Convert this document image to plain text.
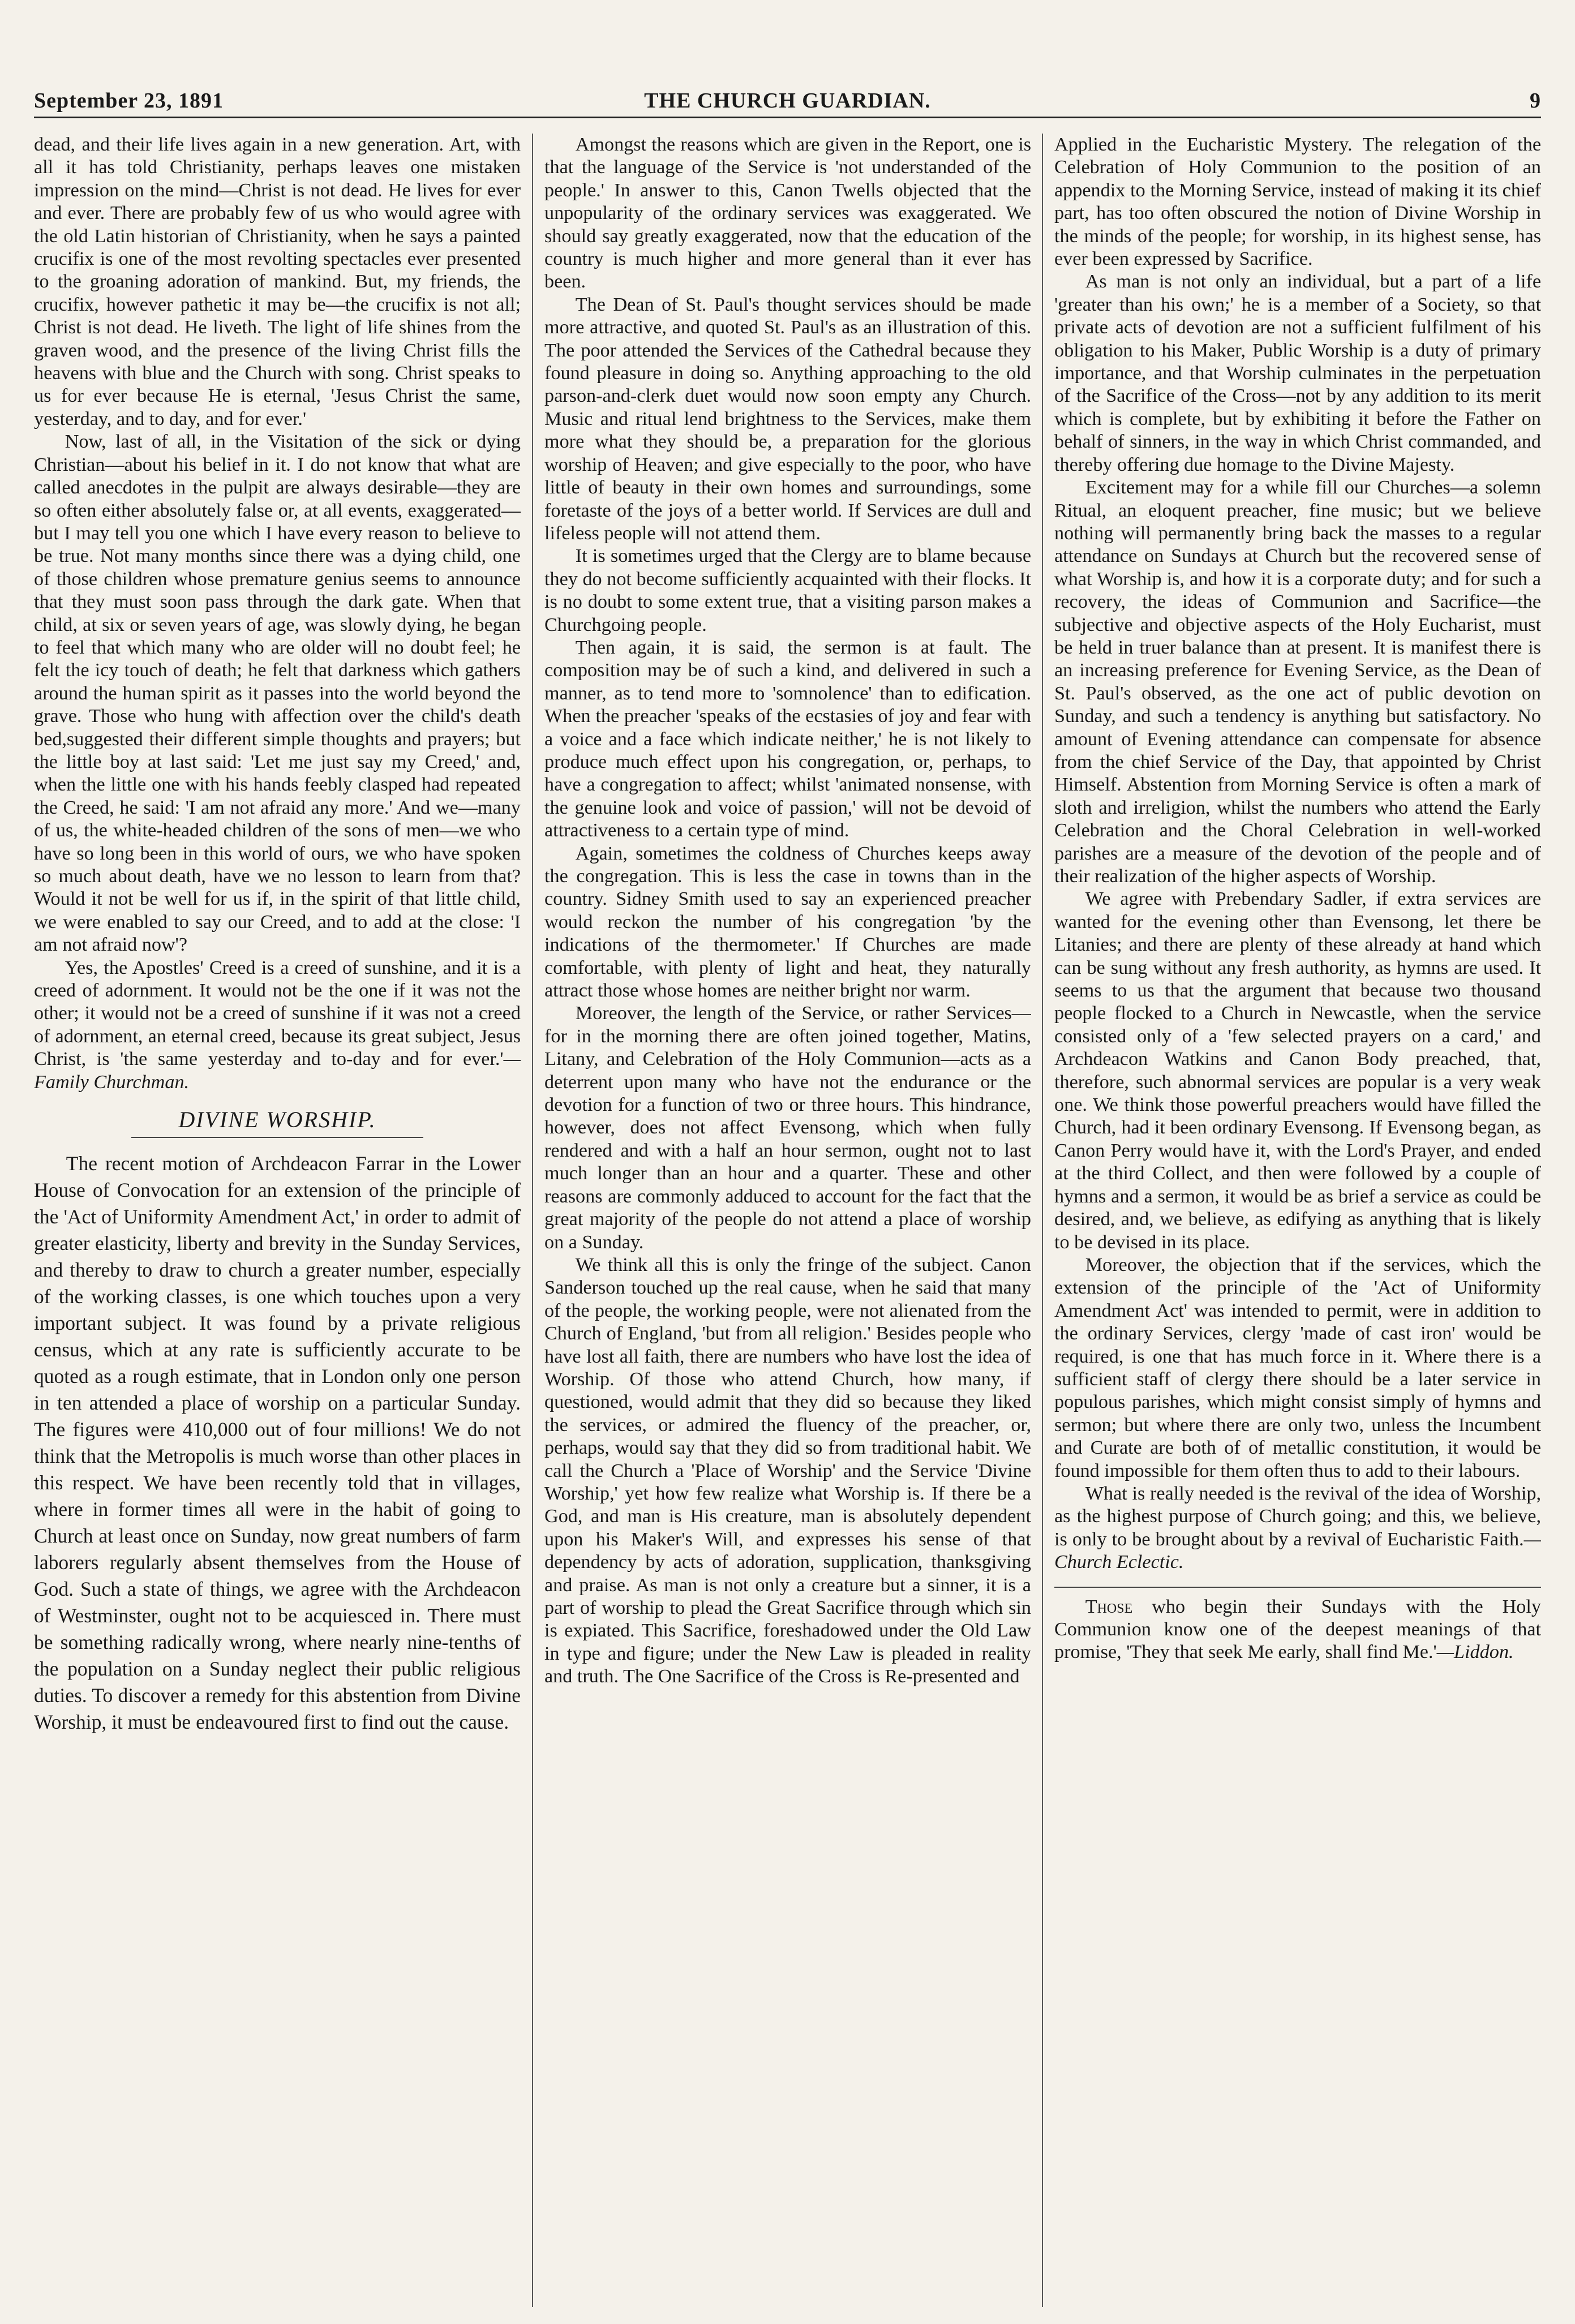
September 23, 1891	THE CHURCH GUARDIAN.	9

dead, and their life lives again in a new generation. Art, with all it has told Christianity, perhaps leaves one mistaken impression on the mind—Christ is not dead. He lives for ever and ever. There are probably few of us who would agree with the old Latin historian of Christianity, when he says a painted crucifix is one of the most revolting spectacles ever presented to the groaning adoration of mankind. But, my friends, the crucifix, however pathetic it may be—the crucifix is not all; Christ is not dead. He liveth. The light of life shines from the graven wood, and the presence of the living Christ fills the heavens with blue and the Church with song. Christ speaks to us for ever because He is eternal, 'Jesus Christ the same, yesterday, and to day, and for ever.'

Now, last of all, in the Visitation of the sick or dying Christian—about his belief in it. I do not know that what are called anecdotes in the pulpit are always desirable—they are so often either absolutely false or, at all events, exaggerated—but I may tell you one which I have every reason to believe to be true. Not many months since there was a dying child, one of those children whose premature genius seems to announce that they must soon pass through the dark gate. When that child, at six or seven years of age, was slowly dying, he began to feel that which many who are older will no doubt feel; he felt the icy touch of death; he felt that darkness which gathers around the human spirit as it passes into the world beyond the grave. Those who hung with affection over the child's death bed,suggested their different simple thoughts and prayers; but the little boy at last said: 'Let me just say my Creed,' and, when the little one with his hands feebly clasped had repeated the Creed, he said: 'I am not afraid any more.' And we—many of us, the white-headed children of the sons of men—we who have so long been in this world of ours, we who have spoken so much about death, have we no lesson to learn from that? Would it not be well for us if, in the spirit of that little child, we were enabled to say our Creed, and to add at the close: 'I am not afraid now'?

Yes, the Apostles' Creed is a creed of sunshine, and it is a creed of adornment. It would not be the one if it was not the other; it would not be a creed of sunshine if it was not a creed of adornment, an eternal creed, because its great subject, Jesus Christ, is 'the same yesterday and to-day and for ever.'—Family Churchman.

DIVINE WORSHIP.

The recent motion of Archdeacon Farrar in the Lower House of Convocation for an extension of the principle of the 'Act of Uniformity Amendment Act,' in order to admit of greater elasticity, liberty and brevity in the Sunday Services, and thereby to draw to church a greater number, especially of the working classes, is one which touches upon a very important subject. It was found by a private religious census, which at any rate is sufficiently accurate to be quoted as a rough estimate, that in London only one person in ten attended a place of worship on a particular Sunday. The figures were 410,000 out of four millions! We do not think that the Metropolis is much worse than other places in this respect. We have been recently told that in villages, where in former times all were in the habit of going to Church at least once on Sunday, now great numbers of farm laborers regularly absent themselves from the House of God. Such a state of things, we agree with the Archdeacon of Westminster, ought not to be acquiesced in. There must be something radically wrong, where nearly nine-tenths of the population on a Sunday neglect their public religious duties. To discover a remedy for this abstention from Divine Worship, it must be endeavoured first to find out the cause.

Amongst the reasons which are given in the Report, one is that the language of the Service is 'not understanded of the people.' In answer to this, Canon Twells objected that the unpopularity of the ordinary services was exaggerated. We should say greatly exaggerated, now that the education of the country is much higher and more general than it ever has been.

The Dean of St. Paul's thought services should be made more attractive, and quoted St. Paul's as an illustration of this. The poor attended the Services of the Cathedral because they found pleasure in doing so. Anything approaching to the old parson-and-clerk duet would now soon empty any Church. Music and ritual lend brightness to the Services, make them more what they should be, a preparation for the glorious worship of Heaven; and give especially to the poor, who have little of beauty in their own homes and surroundings, some foretaste of the joys of a better world. If Services are dull and lifeless people will not attend them.

It is sometimes urged that the Clergy are to blame because they do not become sufficiently acquainted with their flocks. It is no doubt to some extent true, that a visiting parson makes a Churchgoing people.

Then again, it is said, the sermon is at fault. The composition may be of such a kind, and delivered in such a manner, as to tend more to 'somnolence' than to edification. When the preacher 'speaks of the ecstasies of joy and fear with a voice and a face which indicate neither,' he is not likely to produce much effect upon his congregation, or, perhaps, to have a congregation to affect; whilst 'animated nonsense, with the genuine look and voice of passion,' will not be devoid of attractiveness to a certain type of mind.

Again, sometimes the coldness of Churches keeps away the congregation. This is less the case in towns than in the country. Sidney Smith used to say an experienced preacher would reckon the number of his congregation 'by the indications of the thermometer.' If Churches are made comfortable, with plenty of light and heat, they naturally attract those whose homes are neither bright nor warm.

Moreover, the length of the Service, or rather Services—for in the morning there are often joined together, Matins, Litany, and Celebration of the Holy Communion—acts as a deterrent upon many who have not the endurance or the devotion for a function of two or three hours. This hindrance, however, does not affect Evensong, which when fully rendered and with a half an hour sermon, ought not to last much longer than an hour and a quarter. These and other reasons are commonly adduced to account for the fact that the great majority of the people do not attend a place of worship on a Sunday.

We think all this is only the fringe of the subject. Canon Sanderson touched up the real cause, when he said that many of the people, the working people, were not alienated from the Church of England, 'but from all religion.' Besides people who have lost all faith, there are numbers who have lost the idea of Worship. Of those who attend Church, how many, if questioned, would admit that they did so because they liked the services, or admired the fluency of the preacher, or, perhaps, would say that they did so from traditional habit. We call the Church a 'Place of Worship' and the Service 'Divine Worship,' yet how few realize what Worship is. If there be a God, and man is His creature, man is absolutely dependent upon his Maker's Will, and expresses his sense of that dependency by acts of adoration, supplication, thanksgiving and praise. As man is not only a creature but a sinner, it is a part of worship to plead the Great Sacrifice through which sin is expiated. This Sacrifice, foreshadowed under the Old Law in type and figure; under the New Law is pleaded in reality and truth. The One Sacrifice of the Cross is Re-presented and

Applied in the Eucharistic Mystery. The relegation of the Celebration of Holy Communion to the position of an appendix to the Morning Service, instead of making it its chief part, has too often obscured the notion of Divine Worship in the minds of the people; for worship, in its highest sense, has ever been expressed by Sacrifice.

As man is not only an individual, but a part of a life 'greater than his own;' he is a member of a Society, so that private acts of devotion are not a sufficient fulfilment of his obligation to his Maker, Public Worship is a duty of primary importance, and that Worship culminates in the perpetuation of the Sacrifice of the Cross—not by any addition to its merit which is complete, but by exhibiting it before the Father on behalf of sinners, in the way in which Christ commanded, and thereby offering due homage to the Divine Majesty.

Excitement may for a while fill our Churches—a solemn Ritual, an eloquent preacher, fine music; but we believe nothing will permanently bring back the masses to a regular attendance on Sundays at Church but the recovered sense of what Worship is, and how it is a corporate duty; and for such a recovery, the ideas of Communion and Sacrifice—the subjective and objective aspects of the Holy Eucharist, must be held in truer balance than at present. It is manifest there is an increasing preference for Evening Service, as the Dean of St. Paul's observed, as the one act of public devotion on Sunday, and such a tendency is anything but satisfactory. No amount of Evening attendance can compensate for absence from the chief Service of the Day, that appointed by Christ Himself. Abstention from Morning Service is often a mark of sloth and irreligion, whilst the numbers who attend the Early Celebration and the Choral Celebration in well-worked parishes are a measure of the devotion of the people and of their realization of the higher aspects of Worship.

We agree with Prebendary Sadler, if extra services are wanted for the evening other than Evensong, let there be Litanies; and there are plenty of these already at hand which can be sung without any fresh authority, as hymns are used. It seems to us that the argument that because two thousand people flocked to a Church in Newcastle, when the service consisted only of a 'few selected prayers on a card,' and Archdeacon Watkins and Canon Body preached, that, therefore, such abnormal services are popular is a very weak one. We think those powerful preachers would have filled the Church, had it been ordinary Evensong. If Evensong began, as Canon Perry would have it, with the Lord's Prayer, and ended at the third Collect, and then were followed by a couple of hymns and a sermon, it would be as brief a service as could be desired, and, we believe, as edifying as anything that is likely to be devised in its place.

Moreover, the objection that if the services, which the extension of the principle of the 'Act of Uniformity Amendment Act' was intended to permit, were in addition to the ordinary Services, clergy 'made of cast iron' would be required, is one that has much force in it. Where there is a sufficient staff of clergy there should be a later service in populous parishes, which might consist simply of hymns and sermon; but where there are only two, unless the Incumbent and Curate are both of of metallic constitution, it would be found impossible for them often thus to add to their labours.

What is really needed is the revival of the idea of Worship, as the highest purpose of Church going; and this, we believe, is only to be brought about by a revival of Eucharistic Faith.—Church Eclectic.

Those who begin their Sundays with the Holy Communion know one of the deepest meanings of that promise, 'They that seek Me early, shall find Me.'—Liddon.
